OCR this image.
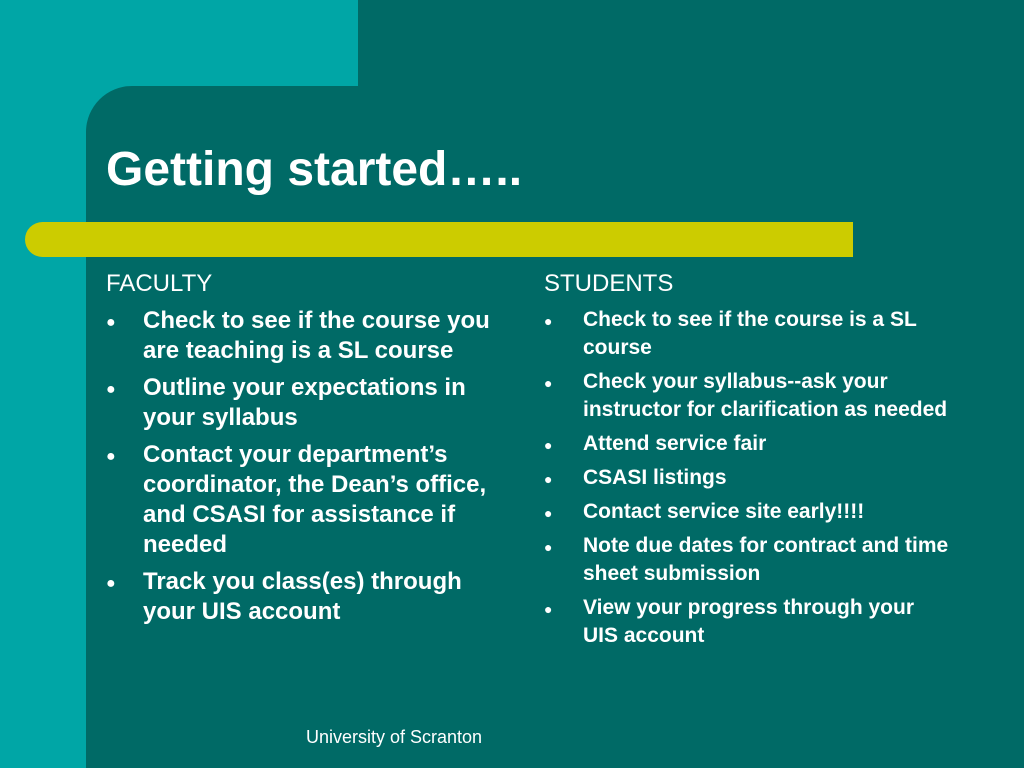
Getting started…..
FACULTY
● Check to see if the course you are teaching is a SL course
● Outline your expectations in your syllabus
● Contact your department’s coordinator, the Dean’s office, and CSASI for assistance if needed
● Track you class(es) through your UIS account
STUDENTS
● Check to see if the course is a SL course
● Check your syllabus--ask your instructor for clarification as needed
● Attend service fair
● CSASI listings
● Contact service site early!!!!
● Note due dates for contract and time sheet submission
● View your progress through your UIS account
University of Scranton
